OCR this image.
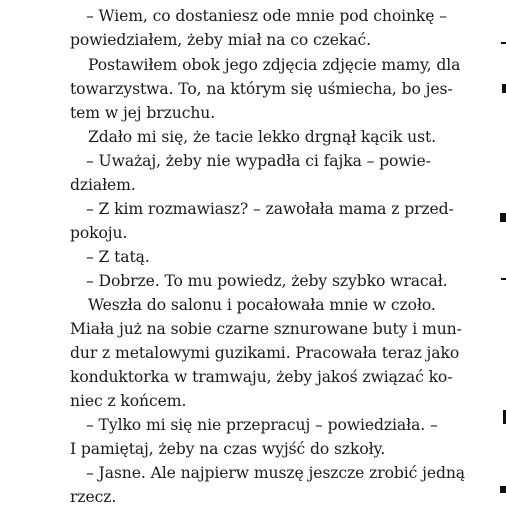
– Wiem, co dostaniesz ode mnie pod choinkę –
powiedziałem, żeby miał na co czekać.
Postawiłem obok jego zdjęcia zdjęcie mamy, dla
towarzystwa. To, na którym się uśmiecha, bo jes-
tem w jej brzuchu.
Zdało mi się, że tacie lekko drgnął kącik ust.
– Uważaj, żeby nie wypadła ci fajka – powie-
działem.
– Z kim rozmawiasz? – zawołała mama z przed-
pokoju.
– Z tatą.
– Dobrze. To mu powiedz, żeby szybko wracał.
Weszła do salonu i pocałowała mnie w czoło.
Miała już na sobie czarne sznurowane buty i mun-
dur z metalowymi guzikami. Pracowała teraz jako
konduktorka w tramwaju, żeby jakoś związać ko-
niec z końcem.
– Tylko mi się nie przepracuj – powiedziała. –
I pamiętaj, żeby na czas wyjść do szkoły.
– Jasne. Ale najpierw muszę jeszcze zrobić jedną
rzecz.
